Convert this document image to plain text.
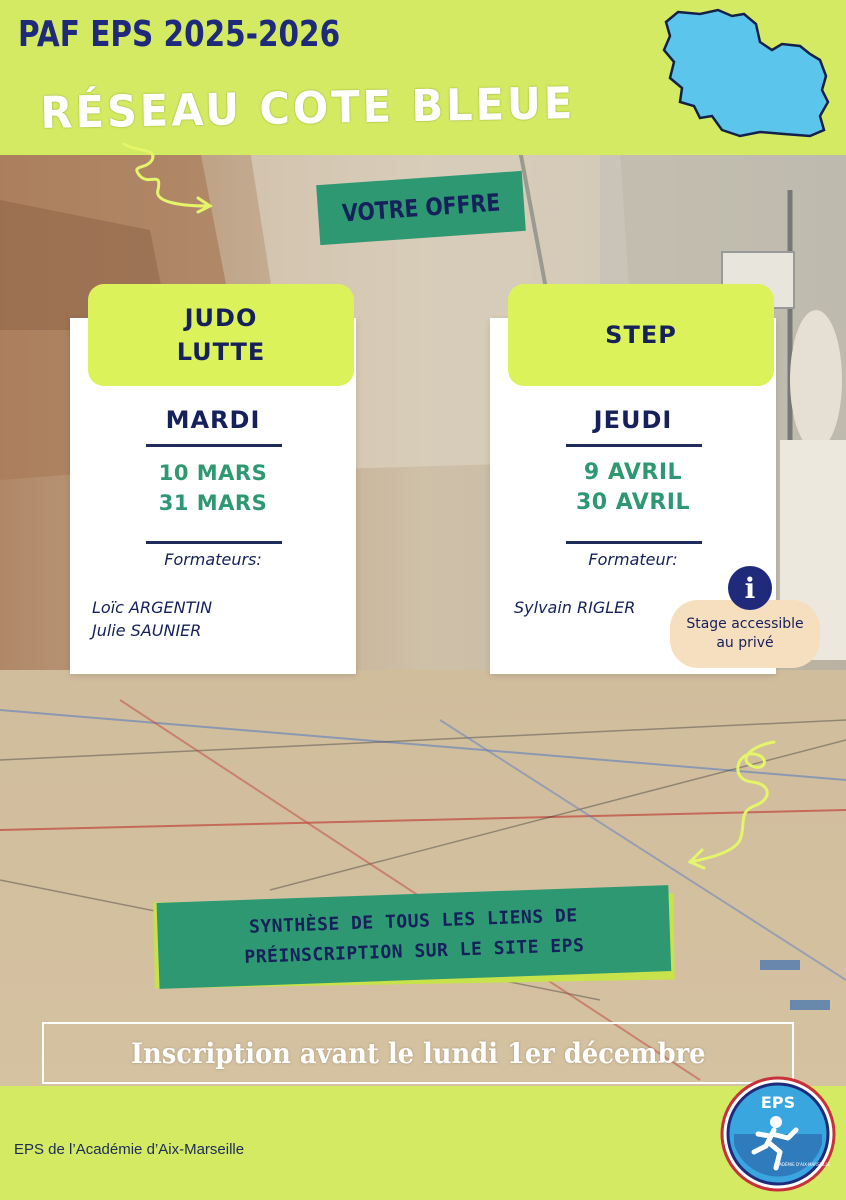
PAF EPS 2025-2026
RÉSEAU COTE BLEUE
VOTRE OFFRE
JUDO
LUTTE
MARDI
10 MARS
31 MARS
Formateurs:
Loïc ARGENTIN
Julie SAUNIER
STEP
JEUDI
9 AVRIL
30 AVRIL
Formateur:
Sylvain RIGLER
Stage accessible
au privé
i
SYNTHÈSE DE TOUS LES LIENS DE
PRÉINSCRIPTION SUR LE SITE EPS
Inscription avant le lundi 1er décembre
EPS de l’Académie d’Aix-Marseille
EPS
ACADÉMIE D'AIX-MARSEILLE
